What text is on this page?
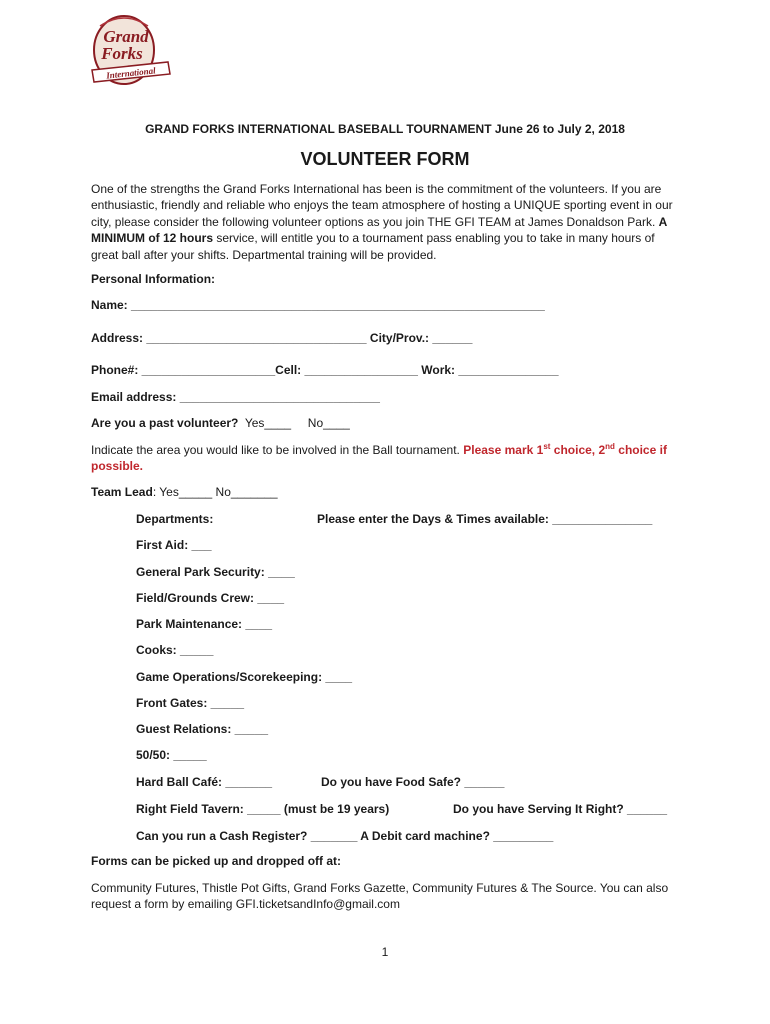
Grand
Forks
International
GRAND FORKS INTERNATIONAL BASEBALL TOURNAMENT June 26 to July 2, 2018
VOLUNTEER FORM
One of the strengths the Grand Forks International has been is the commitment of the volunteers. If you are enthusiastic, friendly and reliable who enjoys the team atmosphere of hosting a UNIQUE sporting event in our city, please consider the following volunteer options as you join THE GFI TEAM at James Donaldson Park. A MINIMUM of 12 hours service, will entitle you to a tournament pass enabling you to take in many hours of great ball after your shifts. Departmental training will be provided.
Personal Information:
Name: ______________________________________________________________
Address: _________________________________ City/Prov.: ______
Phone#: ____________________Cell: _________________ Work: _______________
Email address: ______________________________
Are you a past volunteer? Yes____ No____
Indicate the area you would like to be involved in the Ball tournament. Please mark 1st choice, 2nd choice if possible.
Team Lead: Yes_____ No_______
Departments:	Please enter the Days & Times available: _______________
First Aid: ___
General Park Security: ____
Field/Grounds Crew: ____
Park Maintenance: ____
Cooks: _____
Game Operations/Scorekeeping: ____
Front Gates: _____
Guest Relations: _____
50/50: _____
Hard Ball Café: _______	Do you have Food Safe? ______
Right Field Tavern: _____ (must be 19 years)	Do you have Serving It Right? ______
Can you run a Cash Register? _______ A Debit card machine? _________
Forms can be picked up and dropped off at:
Community Futures, Thistle Pot Gifts, Grand Forks Gazette, Community Futures & The Source. You can also request a form by emailing GFI.ticketsandInfo@gmail.com
1
